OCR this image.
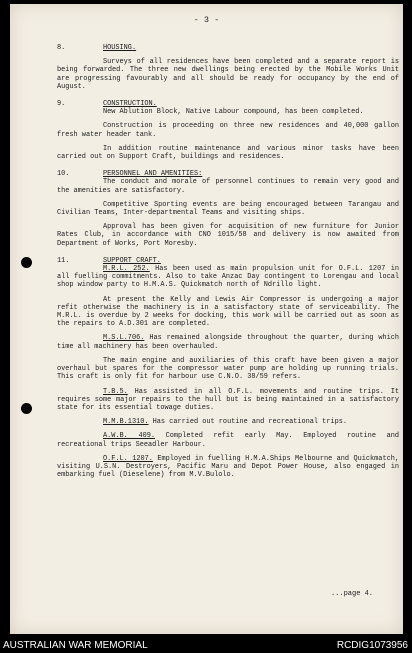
- 3 -
8.	HOUSING.

Surveys of all residences have been completed and a separate report is being forwarded. The three new dwellings being erected by the Mobile Works Unit are progressing favourably and all should be ready for occupancy by the end of August.

9.	CONSTRUCTION.

New Ablution Block, Native Labour compound, has been completed.

Construction is proceeding on three new residences and 40,000 gallon fresh water header tank.

In addition routine maintenance and various minor tasks have been carried out on Support Craft, buildings and residences.

10.	PERSONNEL AND AMENITIES:

The conduct and morale of personnel continues to remain very good and the amenities are satisfactory.

Competitive Sporting events are being encouraged between Tarangau and Civilian Teams, Inter-departmental Teams and visiting ships.

Approval has been given for acquisition of new furniture for Junior Rates Club, in accordance with CNO 1015/58 and delivery is now awaited from Department of Works, Port Moresby.

11.	SUPPORT CRAFT.

M.R.L. 252. Has been used as main propulsion unit for O.F.L. 1207 in all fuelling commitments. Also to take Anzac Day contingent to Lorengau and local shop window party to H.M.A.S. Quickmatch north of Ndrillo light.

At present the Kelly and Lewis Air Compressor is undergoing a major refit otherwise the machinery is in a satisfactory state of serviceability. The M.R.L. is overdue by 2 weeks for docking, this work will be carried out as soon as the repairs to A.D.301 are completed.

M.S.L.706. Has remained alongside throughout the quarter, during which time all machinery has been overhauled.

The main engine and auxiliaries of this craft have been given a major overhaul but spares for the compressor water pump are holding up running trials. This craft is only fit for harbour use C.N.O. 38/59 refers.

T.B.5. Has assisted in all O.F.L. movements and routine trips. It requires some major repairs to the hull but is being maintained in a satisfactory state for its essential towage duties.

M.M.B.1310. Has carried out routine and recreational trips.

A.W.B. 409. Completed refit early May. Employed routine and recreational trips Seeadler Harbour.

O.F.L. 1207. Employed in fuelling H.M.A.Ships Melbourne and Quickmatch, visiting U.S.N. Destroyers, Pacific Maru and Depot Power House, also engaged in embarking fuel (Dieselene) from M.V.Bulolo.

...page 4.
AUSTRALIAN WAR MEMORIAL	RCDIG1073956
